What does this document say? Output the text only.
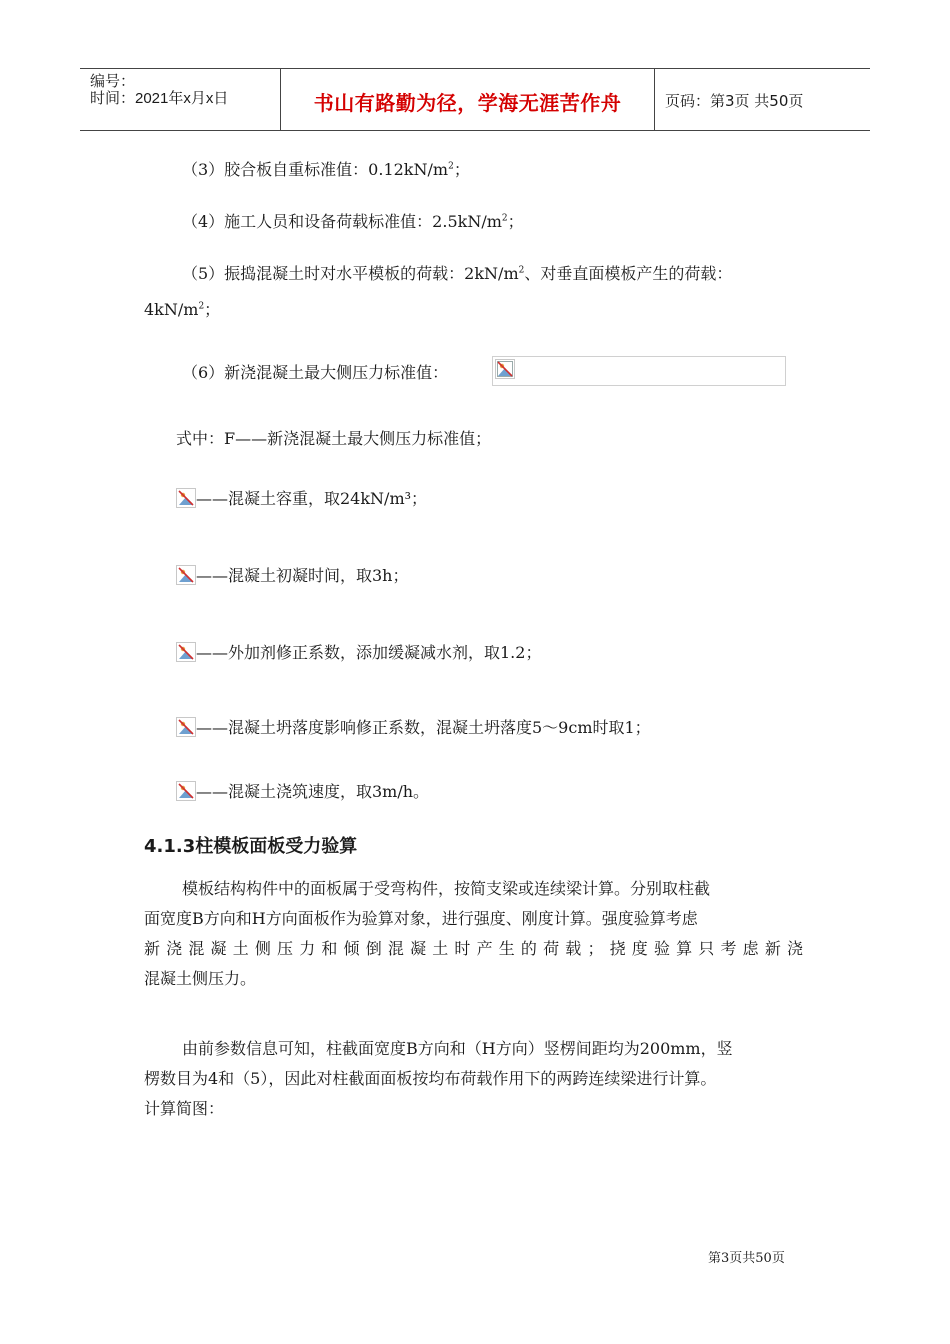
编号：
时间：2021年x月x日	书山有路勤为径，学海无涯苦作舟	页码：第3页 共50页
（3）胶合板自重标准值：$0.12kN/m^2$；
（4）施工人员和设备荷载标准值：$2.5kN/m^2$；
（5）振捣混凝土时对水平模板的荷载：$2kN/m^2$、对垂直面模板产生的荷载：
$4kN/m^2$；
（6）新浇混凝土最大侧压力标准值：
式中：F——新浇混凝土最大侧压力标准值；
——混凝土容重，取24kN/m³；
——混凝土初凝时间，取3h；
——外加剂修正系数，添加缓凝减水剂，取1.2；
——混凝土坍落度影响修正系数，混凝土坍落度5～9cm时取1；
——混凝土浇筑速度，取3m/h。
4.1.3柱模板面板受力验算
模板结构构件中的面板属于受弯构件，按简支梁或连续梁计算。分别取柱截
面宽度B方向和H方向面板作为验算对象，进行强度、刚度计算。强度验算考虑
新浇混凝土侧压力和倾倒混凝土时产生的荷载；挠度验算只考虑新浇
混凝土侧压力。
由前参数信息可知，柱截面宽度B方向和（H方向）竖楞间距均为200mm，竖
楞数目为4和（5），因此对柱截面面板按均布荷载作用下的两跨连续梁进行计算。
计算简图：
第3页共50页
